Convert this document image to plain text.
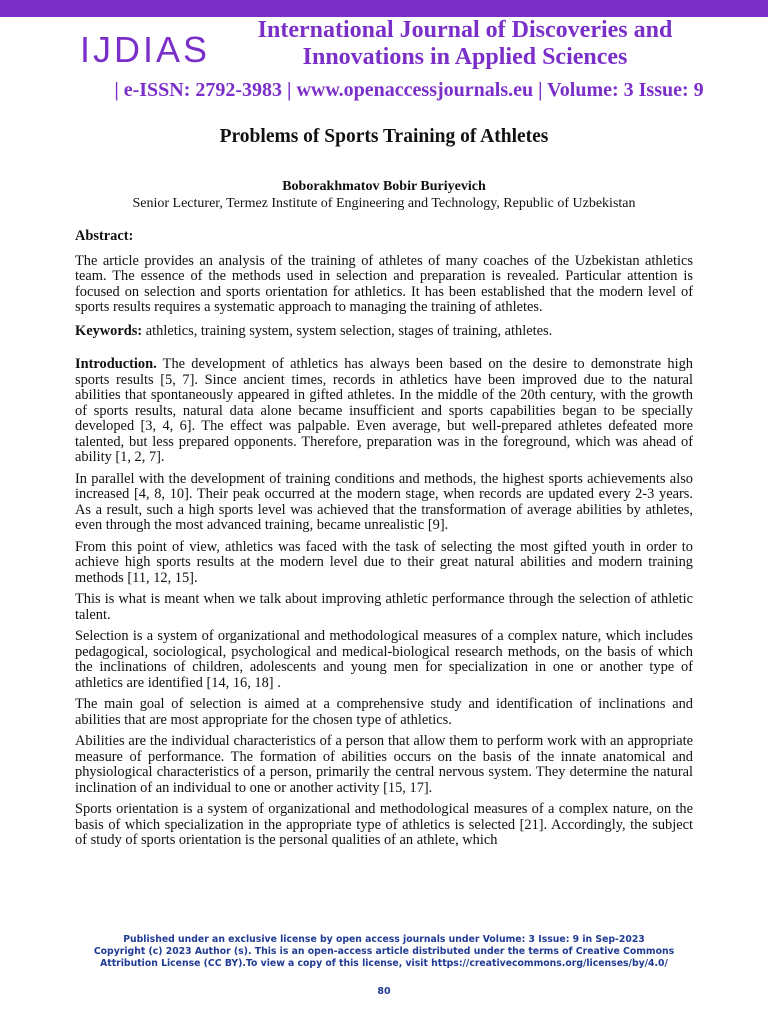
IJDIAS	International Journal of Discoveries and
Innovations in Applied Sciences
| e-ISSN: 2792-3983 | www.openaccessjournals.eu | Volume: 3 Issue: 9
Problems of Sports Training of Athletes
Boborakhmatov Bobir Buriyevich
Senior Lecturer, Termez Institute of Engineering and Technology, Republic of Uzbekistan

Abstract:

The article provides an analysis of the training of athletes of many coaches of the Uzbekistan athletics team. The essence of the methods used in selection and preparation is revealed. Particular attention is focused on selection and sports orientation for athletics. It has been established that the modern level of sports results requires a systematic approach to managing the training of athletes.

Keywords: athletics, training system, system selection, stages of training, athletes.

Introduction. The development of athletics has always been based on the desire to demonstrate high sports results [5, 7]. Since ancient times, records in athletics have been improved due to the natural abilities that spontaneously appeared in gifted athletes. In the middle of the 20th century, with the growth of sports results, natural data alone became insufficient and sports capabilities began to be specially developed [3, 4, 6]. The effect was palpable. Even average, but well-prepared athletes defeated more talented, but less prepared opponents. Therefore, preparation was in the foreground, which was ahead of ability [1, 2, 7].

In parallel with the development of training conditions and methods, the highest sports achievements also increased [4, 8, 10]. Their peak occurred at the modern stage, when records are updated every 2-3 years. As a result, such a high sports level was achieved that the transformation of average abilities by athletes, even through the most advanced training, became unrealistic [9].

From this point of view, athletics was faced with the task of selecting the most gifted youth in order to achieve high sports results at the modern level due to their great natural abilities and modern training methods [11, 12, 15].

This is what is meant when we talk about improving athletic performance through the selection of athletic talent.

Selection is a system of organizational and methodological measures of a complex nature, which includes pedagogical, sociological, psychological and medical-biological research methods, on the basis of which the inclinations of children, adolescents and young men for specialization in one or another type of athletics are identified [14, 16, 18] .

The main goal of selection is aimed at a comprehensive study and identification of inclinations and abilities that are most appropriate for the chosen type of athletics.

Abilities are the individual characteristics of a person that allow them to perform work with an appropriate measure of performance. The formation of abilities occurs on the basis of the innate anatomical and physiological characteristics of a person, primarily the central nervous system. They determine the natural inclination of an individual to one or another activity [15, 17].

Sports orientation is a system of organizational and methodological measures of a complex nature, on the basis of which specialization in the appropriate type of athletics is selected [21]. Accordingly, the subject of study of sports orientation is the personal qualities of an athlete, which

Published under an exclusive license by open access journals under Volume: 3 Issue: 9 in Sep-2023
Copyright (c) 2023 Author (s). This is an open-access article distributed under the terms of Creative Commons
Attribution License (CC BY).To view a copy of this license, visit https://creativecommons.org/licenses/by/4.0/
80
